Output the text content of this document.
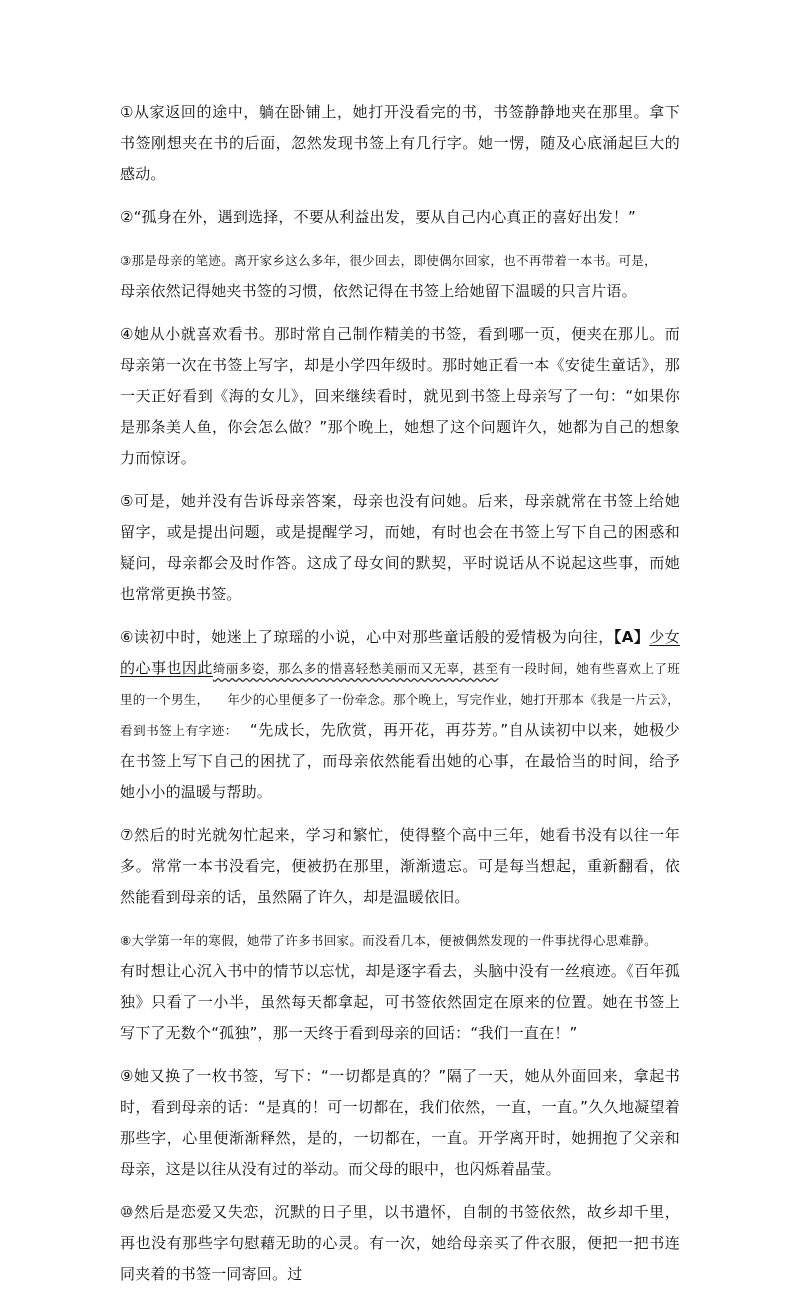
①从家返回的途中，躺在卧铺上，她打开没看完的书，书签静静地夹在那里。拿下书签刚想夹在书的后面，忽然发现书签上有几行字。她一愣，随及心底涌起巨大的感动。

②“孤身在外，遇到选择，不要从利益出发，要从自己内心真正的喜好出发！”

③那是母亲的笔迹。离开家乡这么多年，很少回去，即使偶尔回家，也不再带着一本书。可是，  母亲依然记得她夹书签的习惯，依然记得在书签上给她留下温暖的只言片语。

④她从小就喜欢看书。那时常自己制作精美的书签，看到哪一页，便夹在那儿。而母亲第一次在书签上写字，却是小学四年级时。那时她正看一本《安徒生童话》，那一天正好看到《海的女儿》，回来继续看时，就见到书签上母亲写了一句：“如果你是那条美人鱼，你会怎么做？”那个晚上，她想了这个问题许久，她都为自己的想象力而惊讶。

⑤可是，她并没有告诉母亲答案，母亲也没有问她。后来，母亲就常在书签上给她留字，或是提出问题，或是提醒学习，而她，有时也会在书签上写下自己的困惑和疑问，母亲都会及时作答。这成了母女间的默契，平时说话从不说起这些事，而她也常常更换书签。

⑥读初中时，她迷上了琼瑶的小说，心中对那些童话般的爱情极为向往，【A】少女的心事也因此绮丽多姿，那么多的惜喜轻愁美丽而又无辜，甚至有一段时间，她有些喜欢上了班里的一个男生， 年少的心里便多了一份牵念。那个晚上，写完作业，她打开那本《我是一片云》，看到书签上有字迹： “先成长，先欣赏，再开花，再芬芳。”自从读初中以来，她极少在书签上写下自己的困扰了，而母亲依然能看出她的心事，在最恰当的时间，给予她小小的温暖与帮助。

⑦然后的时光就匆忙起来，学习和繁忙，使得整个高中三年，她看书没有以往一年多。常常一本书没看完，便被扔在那里，渐渐遗忘。可是每当想起，重新翻看，依然能看到母亲的话，虽然隔了许久，却是温暖依旧。

⑧大学第一年的寒假，她带了许多书回家。而没看几本，便被偶然发现的一件事扰得心思难静。  有时想让心沉入书中的情节以忘忧，却是逐字看去，头脑中没有一丝痕迹。《百年孤独》只看了一小半，虽然每天都拿起，可书签依然固定在原来的位置。她在书签上写下了无数个“孤独”，那一天终于看到母亲的回话：“我们一直在！”

⑨她又换了一枚书签，写下：“一切都是真的？”隔了一天，她从外面回来，拿起书时，看到母亲的话：“是真的！可一切都在，我们依然，一直，一直。”久久地凝望着那些字，心里便渐渐释然，是的，一切都在，一直。开学离开时，她拥抱了父亲和母亲，这是以往从没有过的举动。而父母的眼中，也闪烁着晶莹。

⑩然后是恋爱又失恋，沉默的日子里，以书遣怀，自制的书签依然，故乡却千里，再也没有那些字句慰藉无助的心灵。有一次，她给母亲买了件衣服，便把一把书连同夹着的书签一同寄回。过
